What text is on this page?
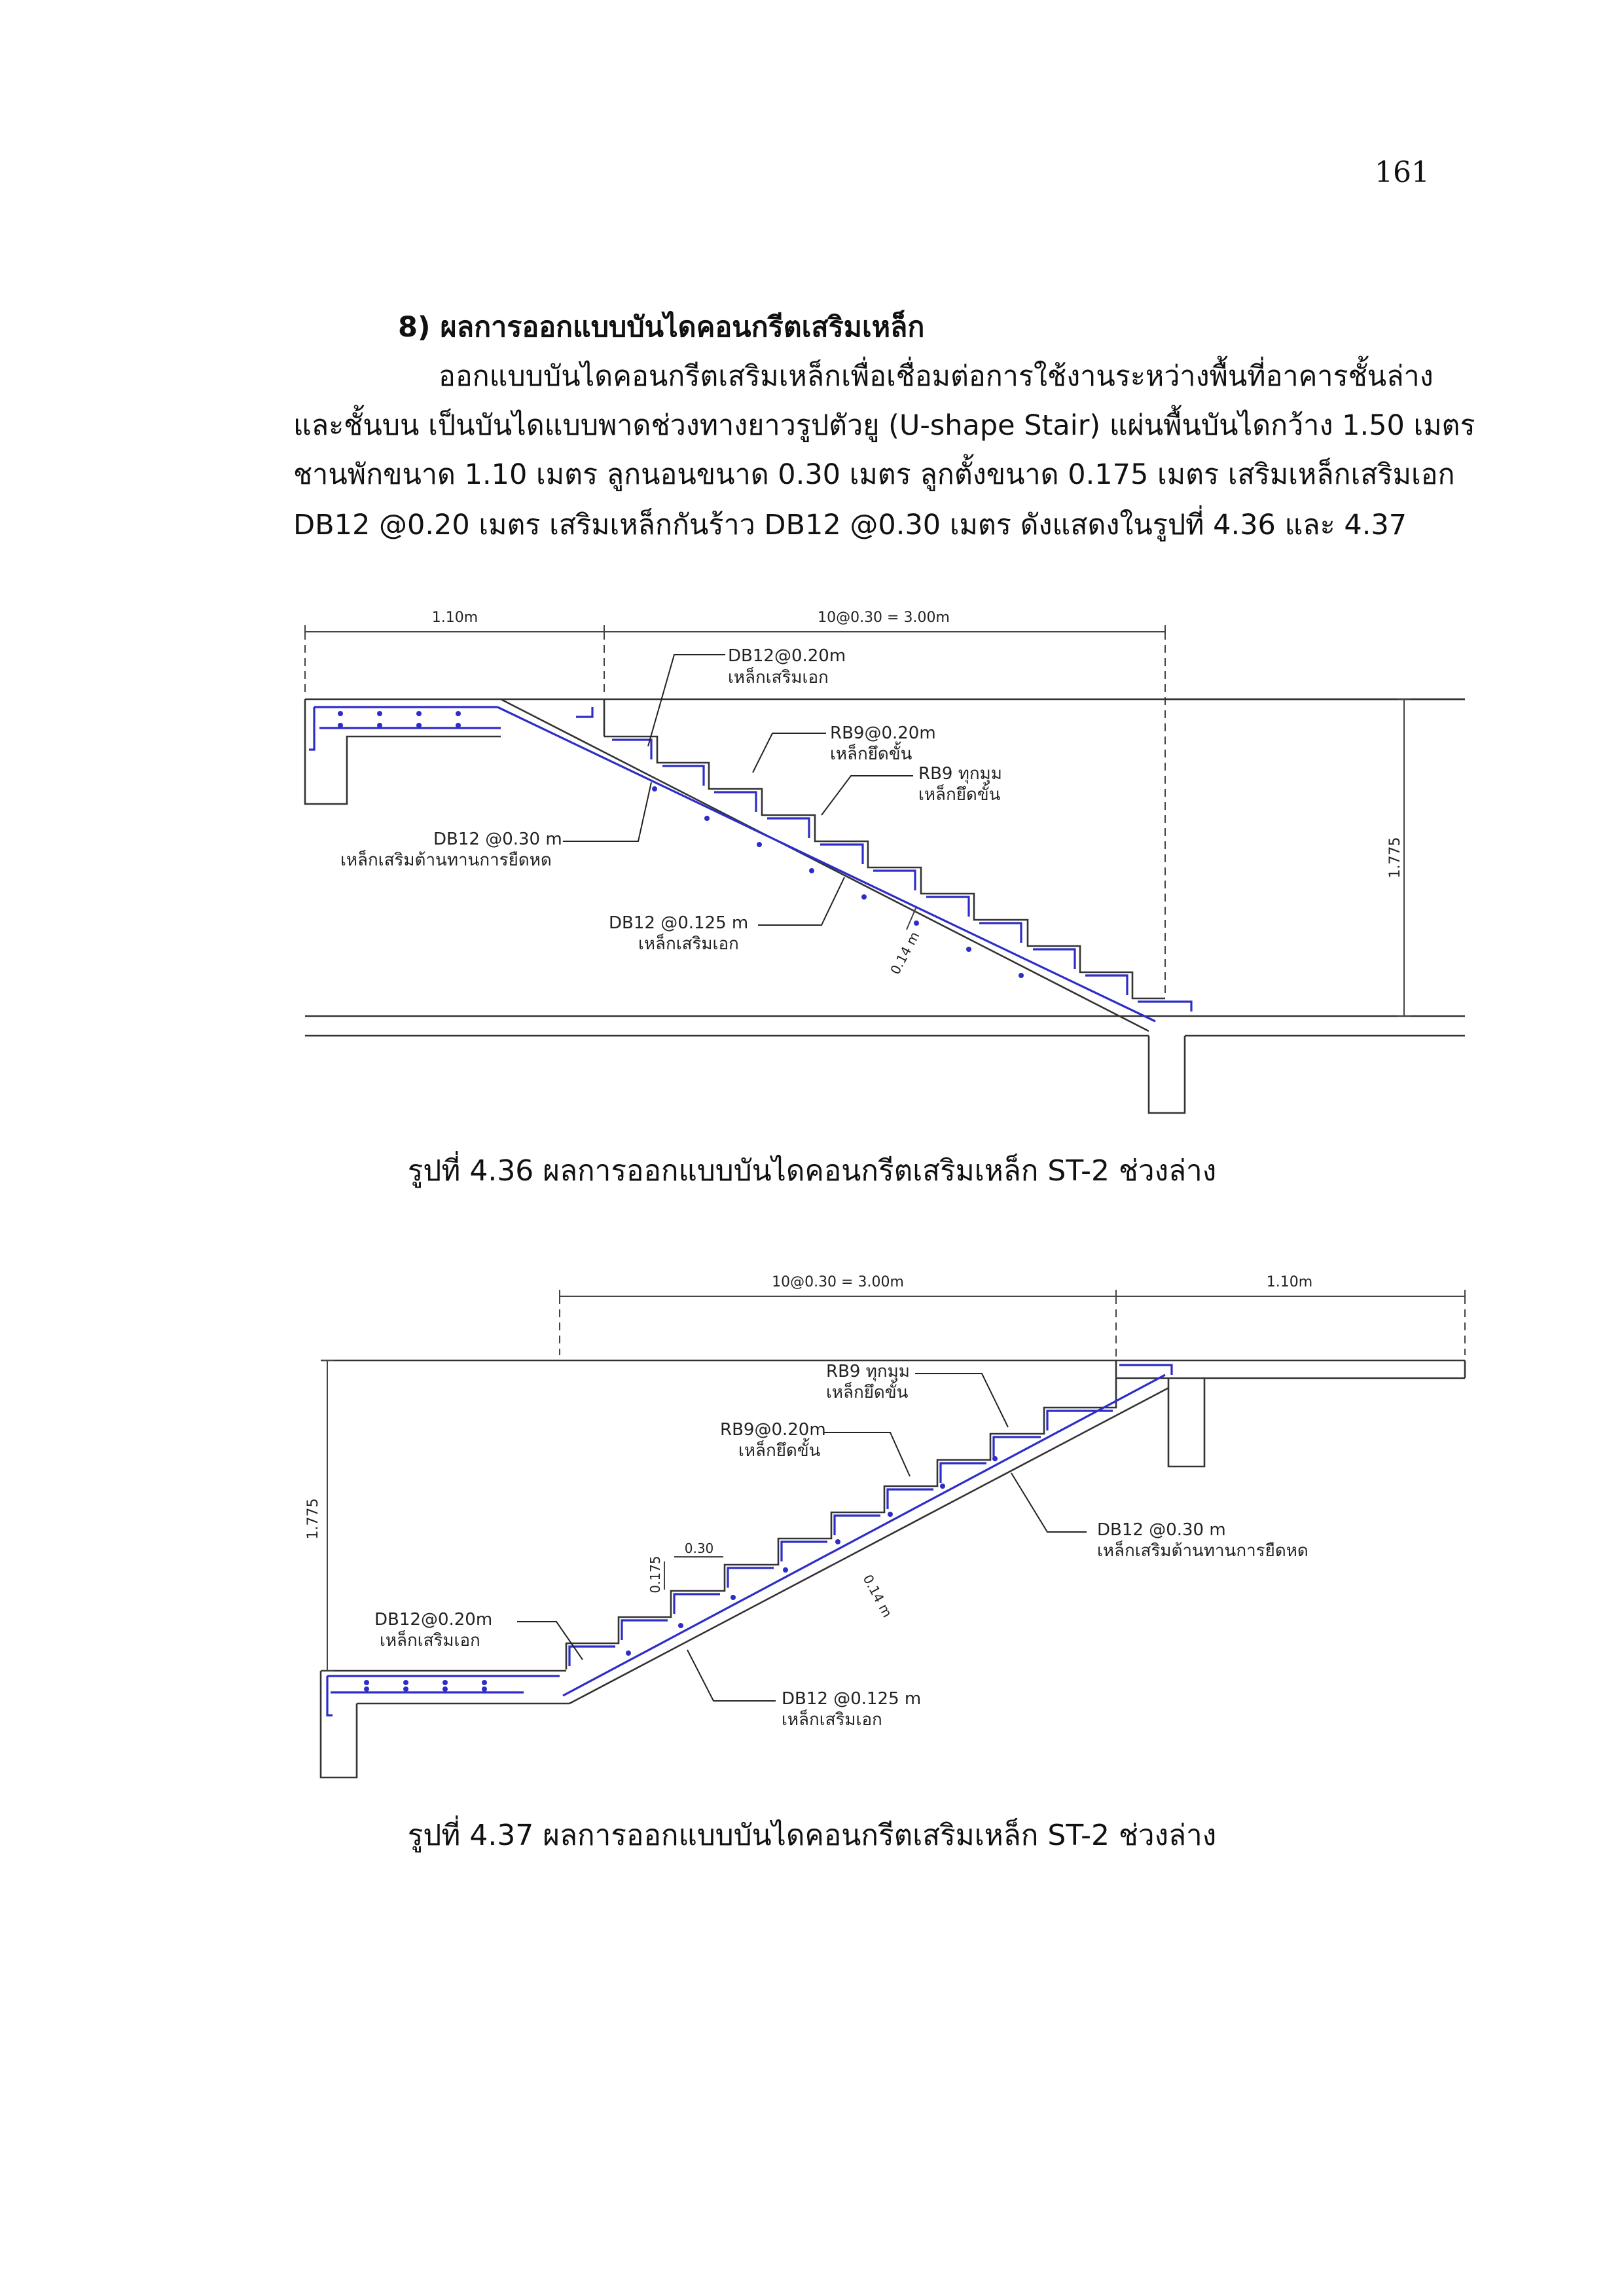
161
8) ผลการออกแบบบันไดคอนกรีตเสริมเหล็ก
ออกแบบบันไดคอนกรีตเสริมเหล็กเพื่อเชื่อมต่อการใช้งานระหว่างพื้นที่อาคารชั้นล่าง
และชั้นบน เป็นบันไดแบบพาดช่วงทางยาวรูปตัวยู (U-shape Stair) แผ่นพื้นบันไดกว้าง 1.50 เมตร
ชานพักขนาด 1.10 เมตร ลูกนอนขนาด 0.30 เมตร ลูกตั้งขนาด 0.175 เมตร เสริมเหล็กเสริมเอก
DB12 @0.20 เมตร เสริมเหล็กกันร้าว DB12 @0.30 เมตร ดังแสดงในรูปที่ 4.36 และ 4.37
1.10m	10@0.30 = 3.00m
1.775
DB12@0.20m
เหล็กเสริมเอก
RB9@0.20m
เหล็กยึดขั้น
RB9 ทุกมุม
เหล็กยึดขั้น
DB12 @0.30 m
เหล็กเสริมต้านทานการยืดหด
DB12 @0.125 m
เหล็กเสริมเอก	0.14 m
รูปที่ 4.36 ผลการออกแบบบันไดคอนกรีตเสริมเหล็ก ST-2 ช่วงล่าง
10@0.30 = 3.00m	1.10m
1.775
0.30
0.175	0.14 m
RB9 ทุกมุม
เหล็กยึดขั้น
RB9@0.20m
เหล็กยึดขั้น
DB12 @0.30 m
เหล็กเสริมต้านทานการยืดหด
DB12@0.20m
เหล็กเสริมเอก
DB12 @0.125 m
เหล็กเสริมเอก
รูปที่ 4.37 ผลการออกแบบบันไดคอนกรีตเสริมเหล็ก ST-2 ช่วงล่าง
